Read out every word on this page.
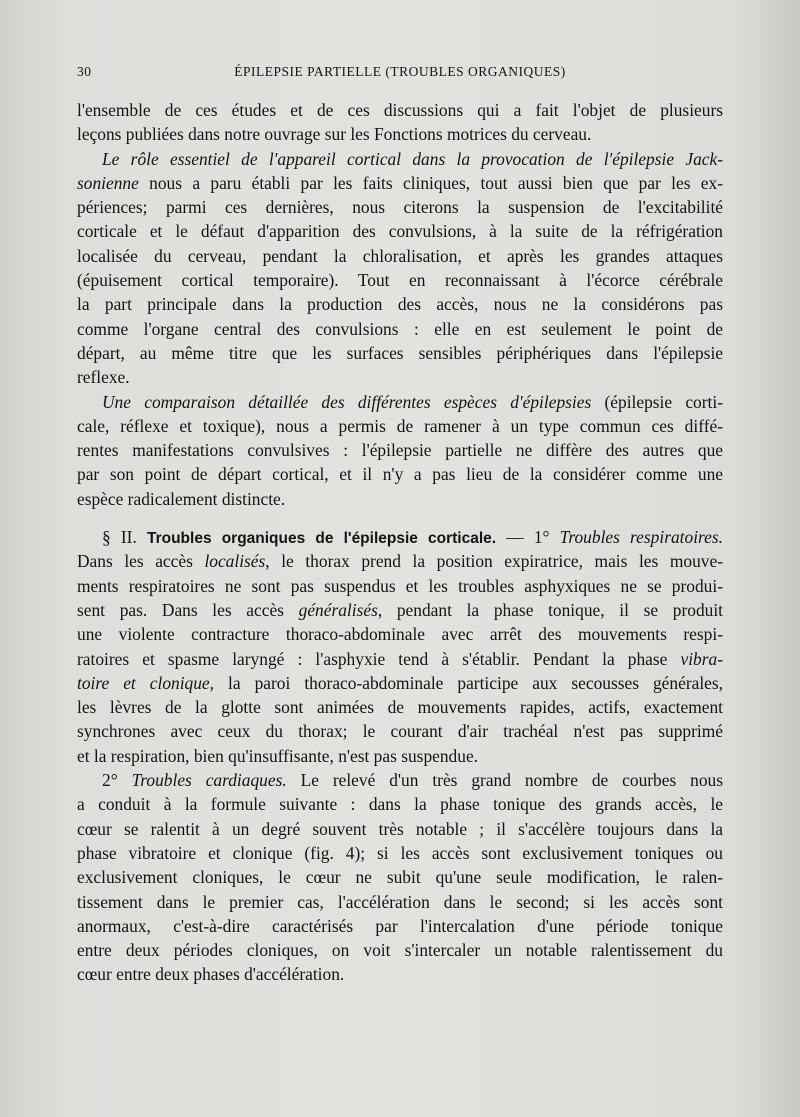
30	ÉPILEPSIE PARTIELLE (TROUBLES ORGANIQUES)
l'ensemble de ces études et de ces discussions qui a fait l'objet de plusieurs
leçons publiées dans notre ouvrage sur les Fonctions motrices du cerveau.
Le rôle essentiel de l'appareil cortical dans la provocation de l'épilepsie Jack-
sonienne nous a paru établi par les faits cliniques, tout aussi bien que par les ex-
périences; parmi ces dernières, nous citerons la suspension de l'excitabilité
corticale et le défaut d'apparition des convulsions, à la suite de la réfrigération
localisée du cerveau, pendant la chloralisation, et après les grandes attaques
(épuisement cortical temporaire). Tout en reconnaissant à l'écorce cérébrale
la part principale dans la production des accès, nous ne la considérons pas
comme l'organe central des convulsions : elle en est seulement le point de
départ, au même titre que les surfaces sensibles périphériques dans l'épilepsie
reflexe.
Une comparaison détaillée des différentes espèces d'épilepsies (épilepsie corti-
cale, réflexe et toxique), nous a permis de ramener à un type commun ces diffé-
rentes manifestations convulsives : l'épilepsie partielle ne diffère des autres que
par son point de départ cortical, et il n'y a pas lieu de la considérer comme une
espèce radicalement distincte.
§ II. Troubles organiques de l'épilepsie corticale. — 1° Troubles respiratoires.
Dans les accès localisés, le thorax prend la position expiratrice, mais les mouve-
ments respiratoires ne sont pas suspendus et les troubles asphyxiques ne se produi-
sent pas. Dans les accès généralisés, pendant la phase tonique, il se produit
une violente contracture thoraco-abdominale avec arrêt des mouvements respi-
ratoires et spasme laryngé : l'asphyxie tend à s'établir. Pendant la phase vibra-
toire et clonique, la paroi thoraco-abdominale participe aux secousses générales,
les lèvres de la glotte sont animées de mouvements rapides, actifs, exactement
synchrones avec ceux du thorax; le courant d'air trachéal n'est pas supprimé
et la respiration, bien qu'insuffisante, n'est pas suspendue.
2° Troubles cardiaques. Le relevé d'un très grand nombre de courbes nous
a conduit à la formule suivante : dans la phase tonique des grands accès, le
cœur se ralentit à un degré souvent très notable ; il s'accélère toujours dans la
phase vibratoire et clonique (fig. 4); si les accès sont exclusivement toniques ou
exclusivement cloniques, le cœur ne subit qu'une seule modification, le ralen-
tissement dans le premier cas, l'accélération dans le second; si les accès sont
anormaux, c'est-à-dire caractérisés par l'intercalation d'une période tonique
entre deux périodes cloniques, on voit s'intercaler un notable ralentissement du
cœur entre deux phases d'accélération.
